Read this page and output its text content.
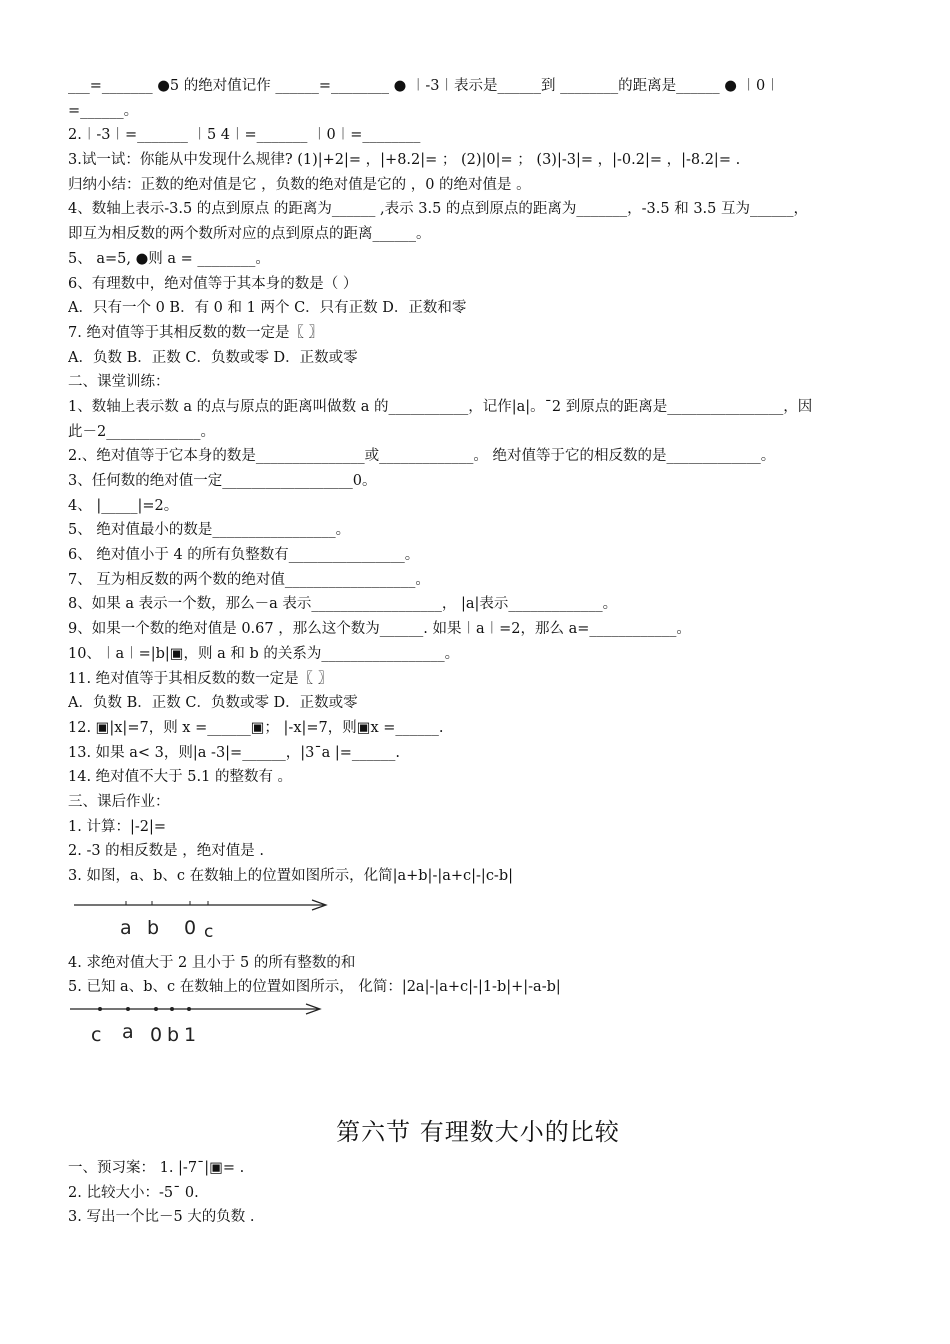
___=_______ ●5 的绝对值记作 ______=________ ● ︱-3︱表示是______到 ________的距离是______ ● ︱0︱
=______。
2.︱-3︱=_______ ︱5 4︱=_______ ︱0︱=________
3.试一试：你能从中发现什么规律? (1)|+2|= ，|+8.2|= ； (2)|0|= ； (3)|-3|= ，|-0.2|= ，|-8.2|= .
归纳小结：正数的绝对值是它 ，负数的绝对值是它的 ，0 的绝对值是 。
4、数轴上表示-3.5 的点到原点 的距离为______ ,表示 3.5 的点到原点的距离为_______，-3.5 和 3.5 互为______，
即互为相反数的两个数所对应的点到原点的距离______。
5、 a=5, ●则 a = ________。
6、有理数中，绝对值等于其本身的数是（ ）
A．只有一个 0 B．有 0 和 1 两个 C．只有正数 D．正数和零
7. 绝对值等于其相反数的数一定是〖 〗
A．负数 B．正数 C．负数或零 D．正数或零
二、课堂训练：
1、数轴上表示数 a 的点与原点的距离叫做数 a 的___________，记作|a|。ˉ2 到原点的距离是________________，因
此－2_____________。
2.、绝对值等于它本身的数是_______________或_____________。 绝对值等于它的相反数的是_____________。
3、任何数的绝对值一定__________________0。
4、 |_____|=2。
5、 绝对值最小的数是_________________。
6、 绝对值小于 4 的所有负整数有________________。
7、 互为相反数的两个数的绝对值__________________。
8、如果 a 表示一个数，那么－a 表示__________________， |a|表示_____________。
9、如果一个数的绝对值是 0.67 ，那么这个数为______. 如果︱a︱=2，那么 a=____________。
10、︱a︱=|b|▣，则 a 和 b 的关系为_________________。
11. 绝对值等于其相反数的数一定是〖 〗
A．负数 B．正数 C．负数或零 D．正数或零
12. ▣|x|=7，则 x =______▣； |-x|=7，则▣x =______.
13. 如果 a< 3，则|a -3|=______，|3ˉa |=______.
14. 绝对值不大于 5.1 的整数有 。
三、课后作业：
1. 计算：|-2|=
2. -3 的相反数是 ，绝对值是 .
3. 如图，a、b、c 在数轴上的位置如图所示，化简|a+b|-|a+c|-|c-b|
a b 0 c
4. 求绝对值大于 2 且小于 5 的所有整数的和
5. 已知 a、b、c 在数轴上的位置如图所示， 化简：|2a|-|a+c|-|1-b|+|-a-b|
c a 0 b 1
第六节 有理数大小的比较
一、预习案： 1. |-7ˉ|▣= .
2. 比较大小：-5ˉ 0.
3. 写出一个比－5 大的负数 .
